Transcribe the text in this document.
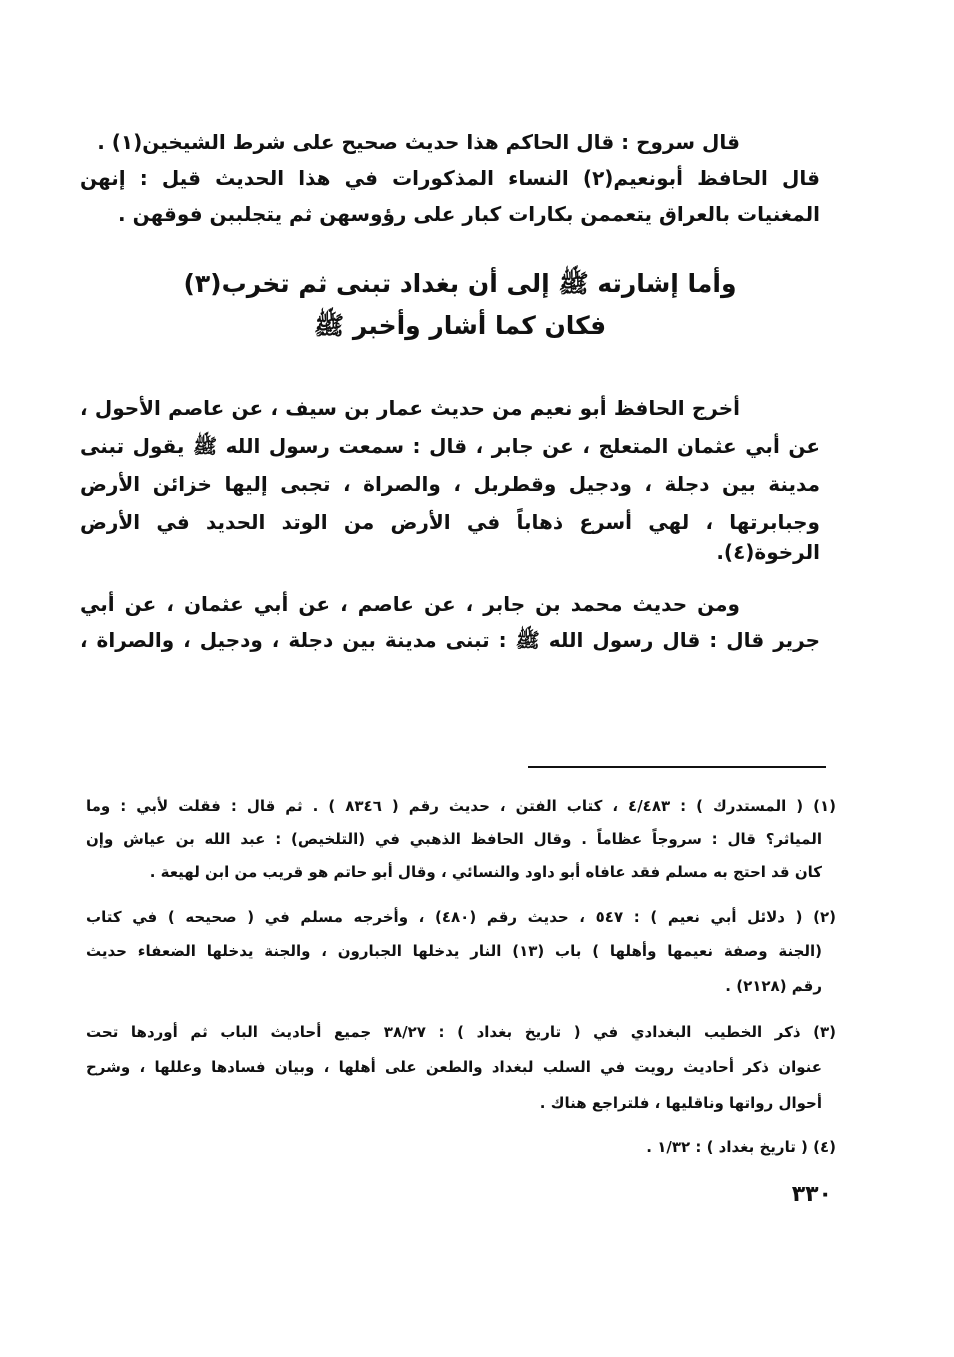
قال سروح : قال الحاكم هذا حديث صحيح على شرط الشيخين(١) .
قال الحافظ أبونعيم(٢) النساء المذكورات في هذا الحديث قيل : إنهن
المغنيات بالعراق يتعممن بكارات كبار على رؤوسهن ثم يتجلببن فوقهن .
وأما إشارته ﷺ إلى أن بغداد تبنى ثم تخرب(٣)
فكان كما أشار وأخبر ﷺ
أخرج الحافظ أبو نعيم من حديث عمار بن سيف ، عن عاصم الأحول ،
عن أبي عثمان المتعلج ، عن جابر ، قال : سمعت رسول الله ﷺ يقول تبنى
مدينة بين دجلة ، ودجيل وقطربل ، والصراة ، تجبى إليها خزائن الأرض
وجبابرتها ، لهي أسرع ذهاباً في الأرض من الوتد الحديد في الأرض
الرخوة(٤).
ومن حديث محمد بن جابر ، عن عاصم ، عن أبي عثمان ، عن أبي
جرير قال : قال رسول الله ﷺ : تبنى مدينة بين دجلة ، ودجيل ، والصراة ،
(١) ( المستدرك ) : ٤/٤٨٣ ، كتاب الفتن ، حديث رقم ( ٨٣٤٦ ) . ثم قال : فقلت لأبي : وما
المياثر؟ قال : سروجاً عظاماً . وقال الحافظ الذهبي في (التلخيص) : عبد الله بن عياش وإن
كان قد احتج به مسلم فقد عافاه أبو داود والنسائي ، وقال أبو حاتم هو قريب من ابن لهيعة .
(٢) ( دلائل أبي نعيم ) : ٥٤٧ ، حديث رقم (٤٨٠) ، وأخرجه مسلم في ( صحيحه ) في كتاب
(الجنة وصفة نعيمها وأهلها ) باب (١٣) النار يدخلها الجبارون ، والجنة يدخلها الضعفاء حديث
رقم (٢١٢٨) .
(٣) ذكر الخطيب البغدادي في ( تاريخ بغداد ) : ٣٨/٢٧ جميع أحاديث الباب ثم أوردها تحت
عنوان ذكر أحاديث رويت في السلب لبغداد والطعن على أهلها ، وبيان فسادها وعللها ، وشرح
أحوال رواتها وناقليها ، فلتراجع هناك .
(٤) ( تاريخ بغداد ) : ١/٣٢ .
٣٣٠
